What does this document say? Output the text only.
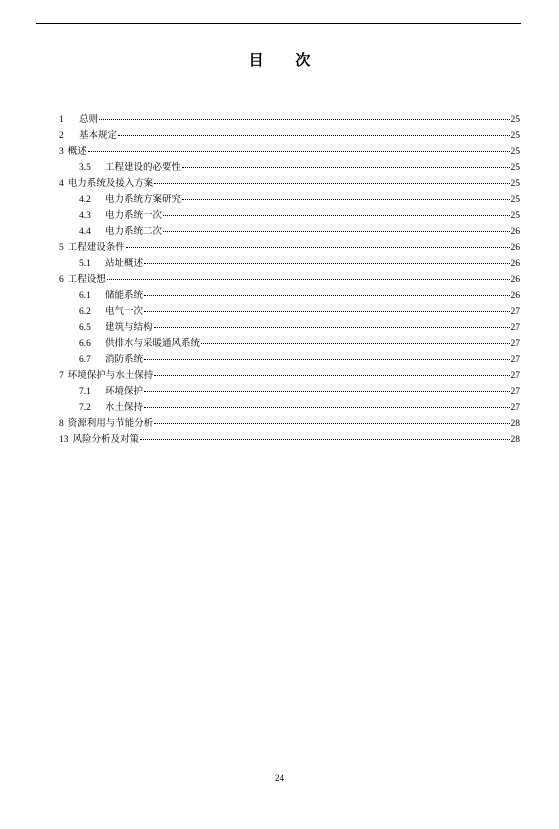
目 次
1	总则	25
2	基本规定	25
3 概述	25
3.5	工程建设的必要性	25
4 电力系统及接入方案	25
4.2	电力系统方案研究	25
4.3	电力系统一次	25
4.4	电力系统二次	26
5 工程建设条件	26
5.1	站址概述	26
6 工程设想	26
6.1	储能系统	26
6.2	电气一次	27
6.5	建筑与结构	27
6.6	供排水与采暖通风系统	27
6.7	消防系统	27
7 环境保护与水土保持	27
7.1	环境保护	27
7.2	水土保持	27
8 资源利用与节能分析	28
13 风险分析及对策	28
24
